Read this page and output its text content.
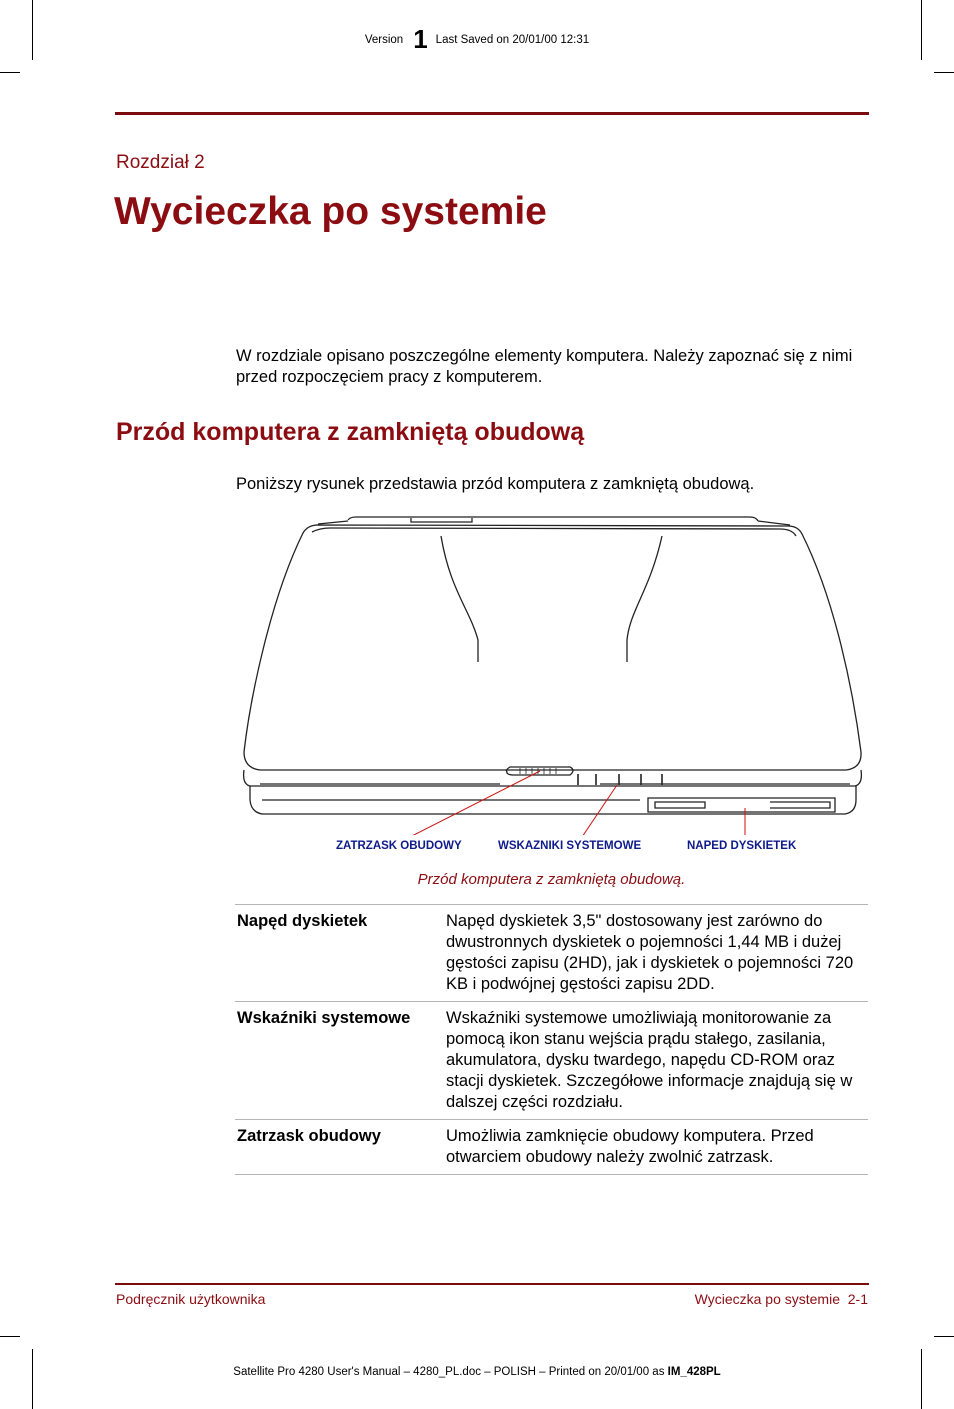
Version 1 Last Saved on 20/01/00 12:31
Rozdział 2
Wycieczka po systemie
W rozdziale opisano poszczególne elementy komputera. Należy zapoznać się z nimi przed rozpoczęciem pracy z komputerem.
Przód komputera z zamkniętą obudową
Poniższy rysunek przedstawia przód komputera z zamkniętą obudową.
ZATRZASK OBUDOWY	WSKAZNIKI SYSTEMOWE	NAPED DYSKIETEK
Przód komputera z zamkniętą obudową.
Napęd dyskietek	Napęd dyskietek 3,5" dostosowany jest zarówno do dwustronnych dyskietek o pojemności 1,44 MB i dużej gęstości zapisu (2HD), jak i dyskietek o pojemności 720 KB i podwójnej gęstości zapisu 2DD.
Wskaźniki systemowe	Wskaźniki systemowe umożliwiają monitorowanie za pomocą ikon stanu wejścia prądu stałego, zasilania, akumulatora, dysku twardego, napędu CD-ROM oraz stacji dyskietek. Szczegółowe informacje znajdują się w dalszej części rozdziału.
Zatrzask obudowy	Umożliwia zamknięcie obudowy komputera. Przed otwarciem obudowy należy zwolnić zatrzask.
Podręcznik użytkownika	Wycieczka po systemie  2-1
Satellite Pro 4280 User's Manual – 4280_PL.doc – POLISH – Printed on 20/01/00 as IM_428PL
